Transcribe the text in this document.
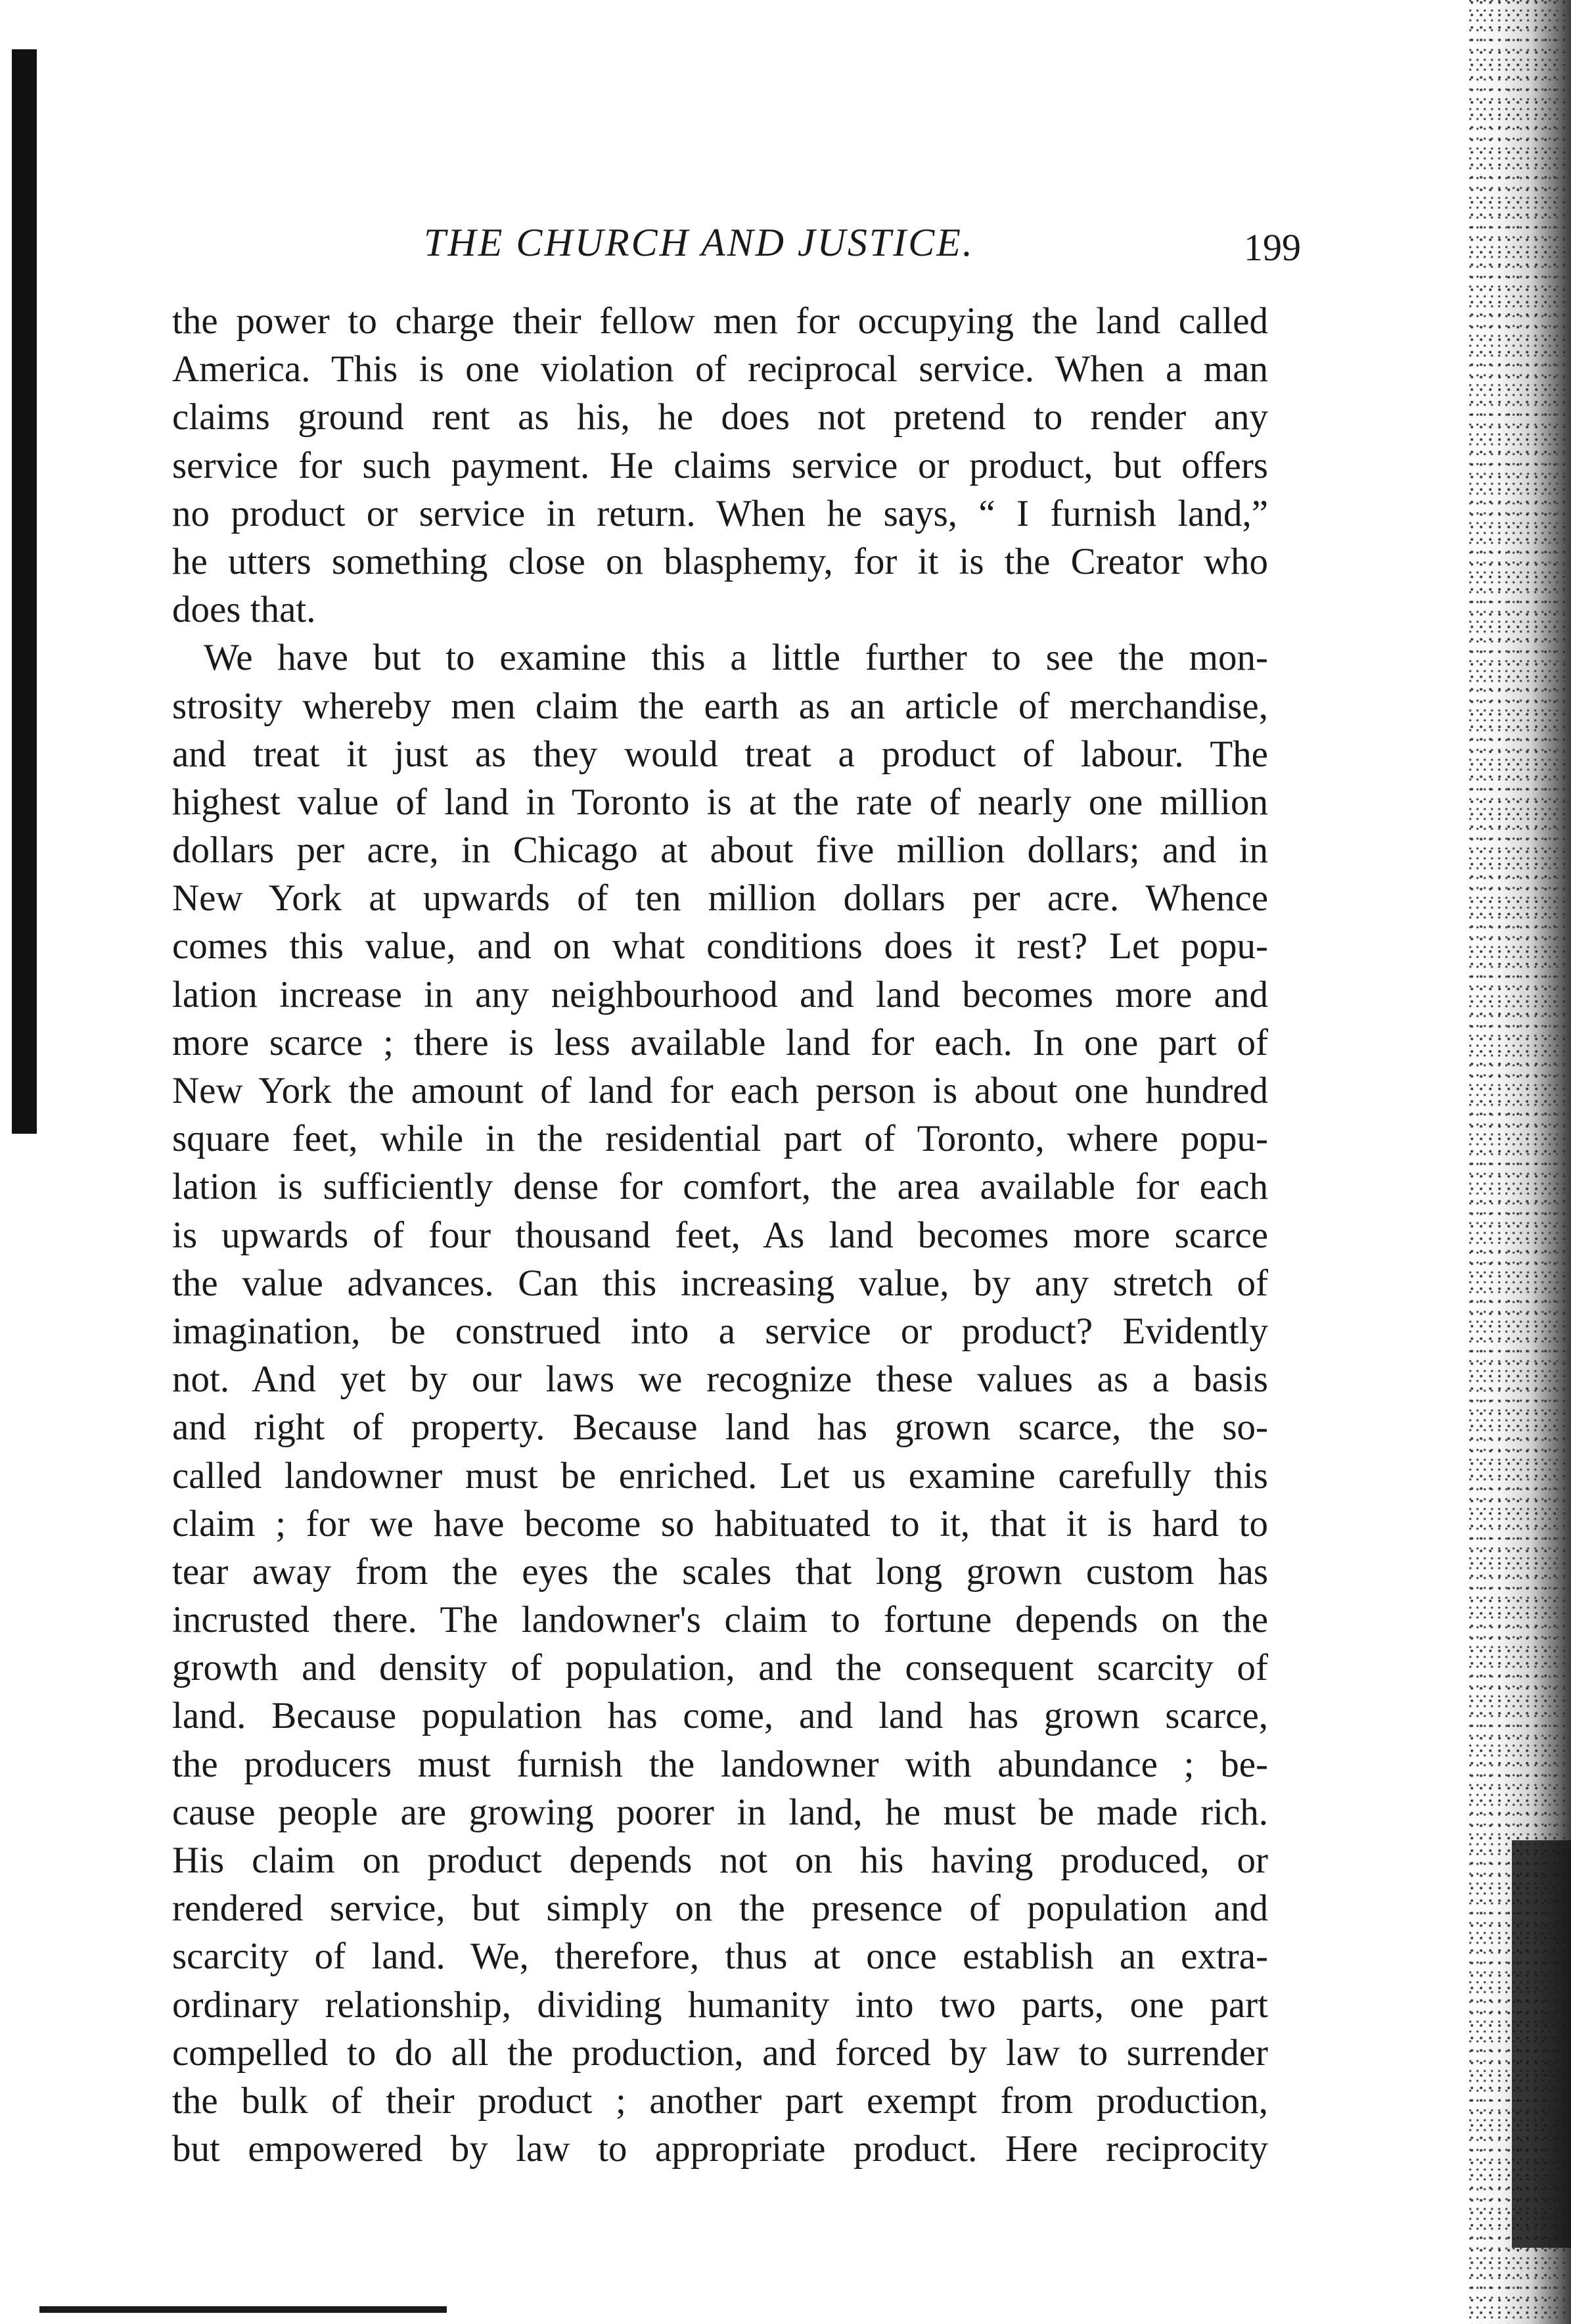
THE CHURCH AND JUSTICE.	199
the power to charge their fellow men for occupying the land called
America. This is one violation of reciprocal service. When a man
claims ground rent as his, he does not pretend to render any
service for such payment. He claims service or product, but offers
no product or service in return. When he says, “ I furnish land,”
he utters something close on blasphemy, for it is the Creator who
does that.
We have but to examine this a little further to see the mon-
strosity whereby men claim the earth as an article of merchandise,
and treat it just as they would treat a product of labour. The
highest value of land in Toronto is at the rate of nearly one million
dollars per acre, in Chicago at about five million dollars; and in
New York at upwards of ten million dollars per acre. Whence
comes this value, and on what conditions does it rest? Let popu-
lation increase in any neighbourhood and land becomes more and
more scarce ; there is less available land for each. In one part of
New York the amount of land for each person is about one hundred
square feet, while in the residential part of Toronto, where popu-
lation is sufficiently dense for comfort, the area available for each
is upwards of four thousand feet, As land becomes more scarce
the value advances. Can this increasing value, by any stretch of
imagination, be construed into a service or product? Evidently
not. And yet by our laws we recognize these values as a basis
and right of property. Because land has grown scarce, the so-
called landowner must be enriched. Let us examine carefully this
claim ; for we have become so habituated to it, that it is hard to
tear away from the eyes the scales that long grown custom has
incrusted there. The landowner's claim to fortune depends on the
growth and density of population, and the consequent scarcity of
land. Because population has come, and land has grown scarce,
the producers must furnish the landowner with abundance ; be-
cause people are growing poorer in land, he must be made rich.
His claim on product depends not on his having produced, or
rendered service, but simply on the presence of population and
scarcity of land. We, therefore, thus at once establish an extra-
ordinary relationship, dividing humanity into two parts, one part
compelled to do all the production, and forced by law to surrender
the bulk of their product ; another part exempt from production,
but empowered by law to appropriate product. Here reciprocity
